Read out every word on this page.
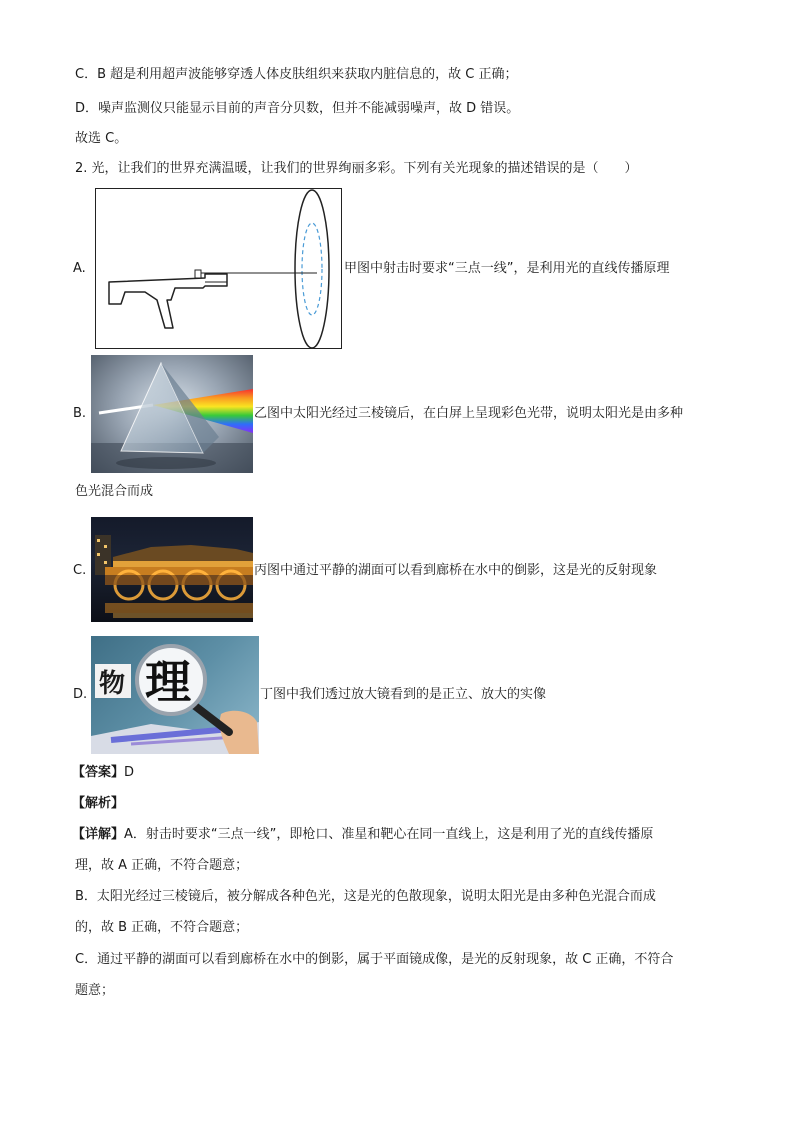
C．B 超是利用超声波能够穿透人体皮肤组织来获取内脏信息的，故 C 正确；
D．噪声监测仪只能显示目前的声音分贝数，但并不能减弱噪声，故 D 错误。
故选 C。
2. 光，让我们的世界充满温暖，让我们的世界绚丽多彩。下列有关光现象的描述错误的是（　　）
A.	甲图中射击时要求“三点一线”，是利用光的直线传播原理
B.	乙图中太阳光经过三棱镜后，在白屏上呈现彩色光带，说明太阳光是由多种
色光混合而成
C.	丙图中通过平静的湖面可以看到廊桥在水中的倒影，这是光的反射现象
物 理
D.	丁图中我们透过放大镜看到的是正立、放大的实像
【答案】D
【解析】
【详解】A．射击时要求“三点一线”，即枪口、准星和靶心在同一直线上，这是利用了光的直线传播原
理，故 A 正确，不符合题意；
B．太阳光经过三棱镜后，被分解成各种色光，这是光的色散现象，说明太阳光是由多种色光混合而成
的，故 B 正确，不符合题意；
C．通过平静的湖面可以看到廊桥在水中的倒影，属于平面镜成像，是光的反射现象，故 C 正确，不符合
题意；
